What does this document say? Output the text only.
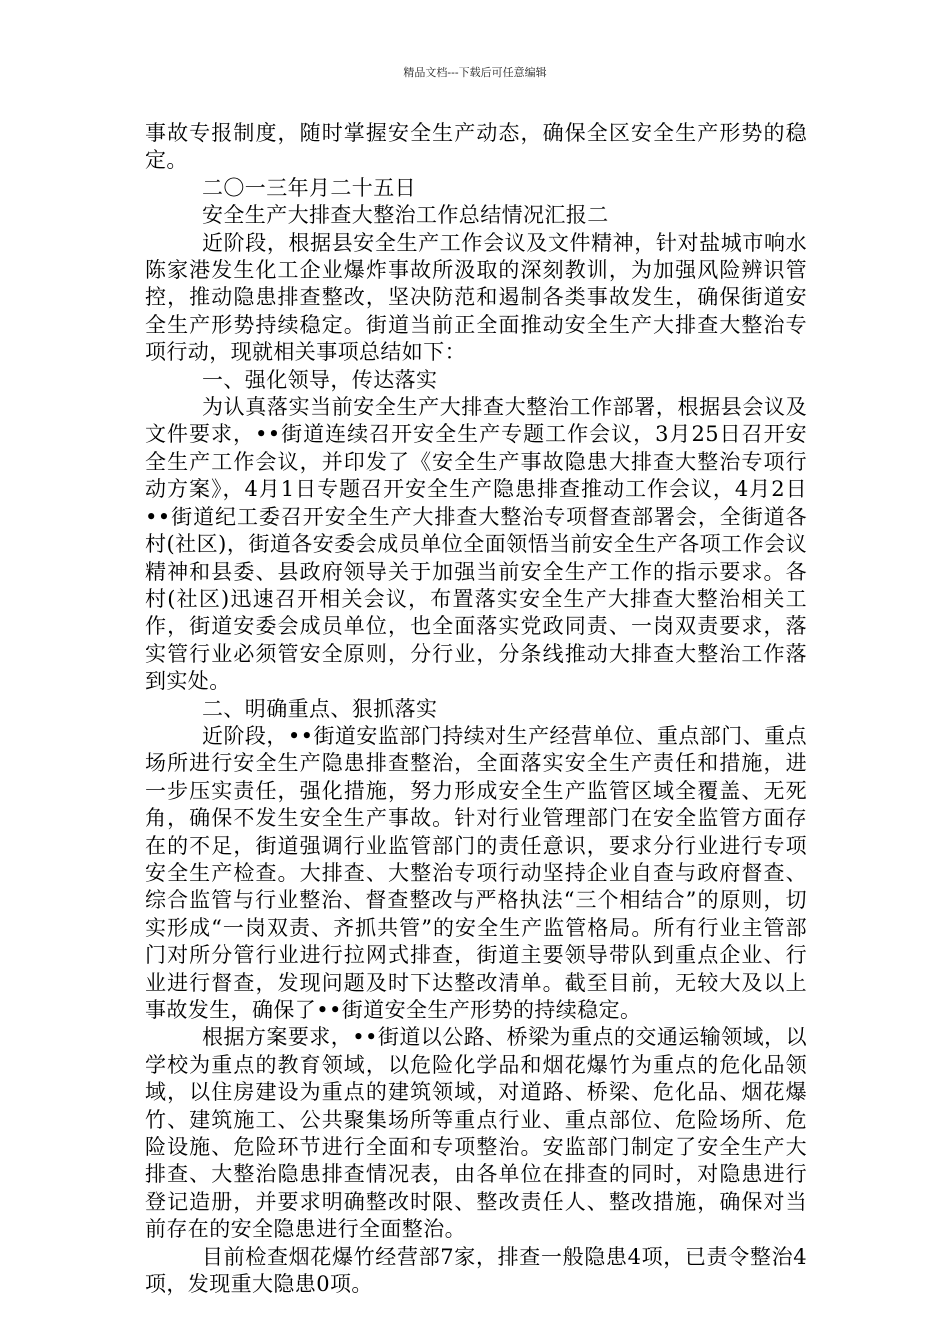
精品文档---下载后可任意编辑

事故专报制度，随时掌握安全生产动态，确保全区安全生产形势的稳定。

二〇一三年月二十五日

安全生产大排查大整治工作总结情况汇报二

近阶段，根据县安全生产工作会议及文件精神，针对盐城市响水陈家港发生化工企业爆炸事故所汲取的深刻教训，为加强风险辨识管控，推动隐患排查整改，坚决防范和遏制各类事故发生，确保街道安全生产形势持续稳定。街道当前正全面推动安全生产大排查大整治专项行动，现就相关事项总结如下：

一、强化领导，传达落实

为认真落实当前安全生产大排查大整治工作部署，根据县会议及文件要求，••街道连续召开安全生产专题工作会议，3月25日召开安全生产工作会议，并印发了《安全生产事故隐患大排查大整治专项行动方案》，4月1日专题召开安全生产隐患排查推动工作会议，4月2日••街道纪工委召开安全生产大排查大整治专项督查部署会，全街道各村(社区)，街道各安委会成员单位全面领悟当前安全生产各项工作会议精神和县委、县政府领导关于加强当前安全生产工作的指示要求。各村(社区)迅速召开相关会议，布置落实安全生产大排查大整治相关工作，街道安委会成员单位，也全面落实党政同责、一岗双责要求，落实管行业必须管安全原则，分行业，分条线推动大排查大整治工作落到实处。

二、明确重点、狠抓落实

近阶段，••街道安监部门持续对生产经营单位、重点部门、重点场所进行安全生产隐患排查整治，全面落实安全生产责任和措施，进一步压实责任，强化措施，努力形成安全生产监管区域全覆盖、无死角，确保不发生安全生产事故。针对行业管理部门在安全监管方面存在的不足，街道强调行业监管部门的责任意识，要求分行业进行专项安全生产检查。大排查、大整治专项行动坚持企业自查与政府督查、综合监管与行业整治、督查整改与严格执法“三个相结合”的原则，切实形成“一岗双责、齐抓共管”的安全生产监管格局。所有行业主管部门对所分管行业进行拉网式排查，街道主要领导带队到重点企业、行业进行督查，发现问题及时下达整改清单。截至目前，无较大及以上事故发生，确保了••街道安全生产形势的持续稳定。

根据方案要求，••街道以公路、桥梁为重点的交通运输领域，以学校为重点的教育领域，以危险化学品和烟花爆竹为重点的危化品领域，以住房建设为重点的建筑领域，对道路、桥梁、危化品、烟花爆竹、建筑施工、公共聚集场所等重点行业、重点部位、危险场所、危险设施、危险环节进行全面和专项整治。安监部门制定了安全生产大排查、大整治隐患排查情况表，由各单位在排查的同时，对隐患进行登记造册，并要求明确整改时限、整改责任人、整改措施，确保对当前存在的安全隐患进行全面整治。

目前检查烟花爆竹经营部7家，排查一般隐患4项，已责令整治4项，发现重大隐患0项。
